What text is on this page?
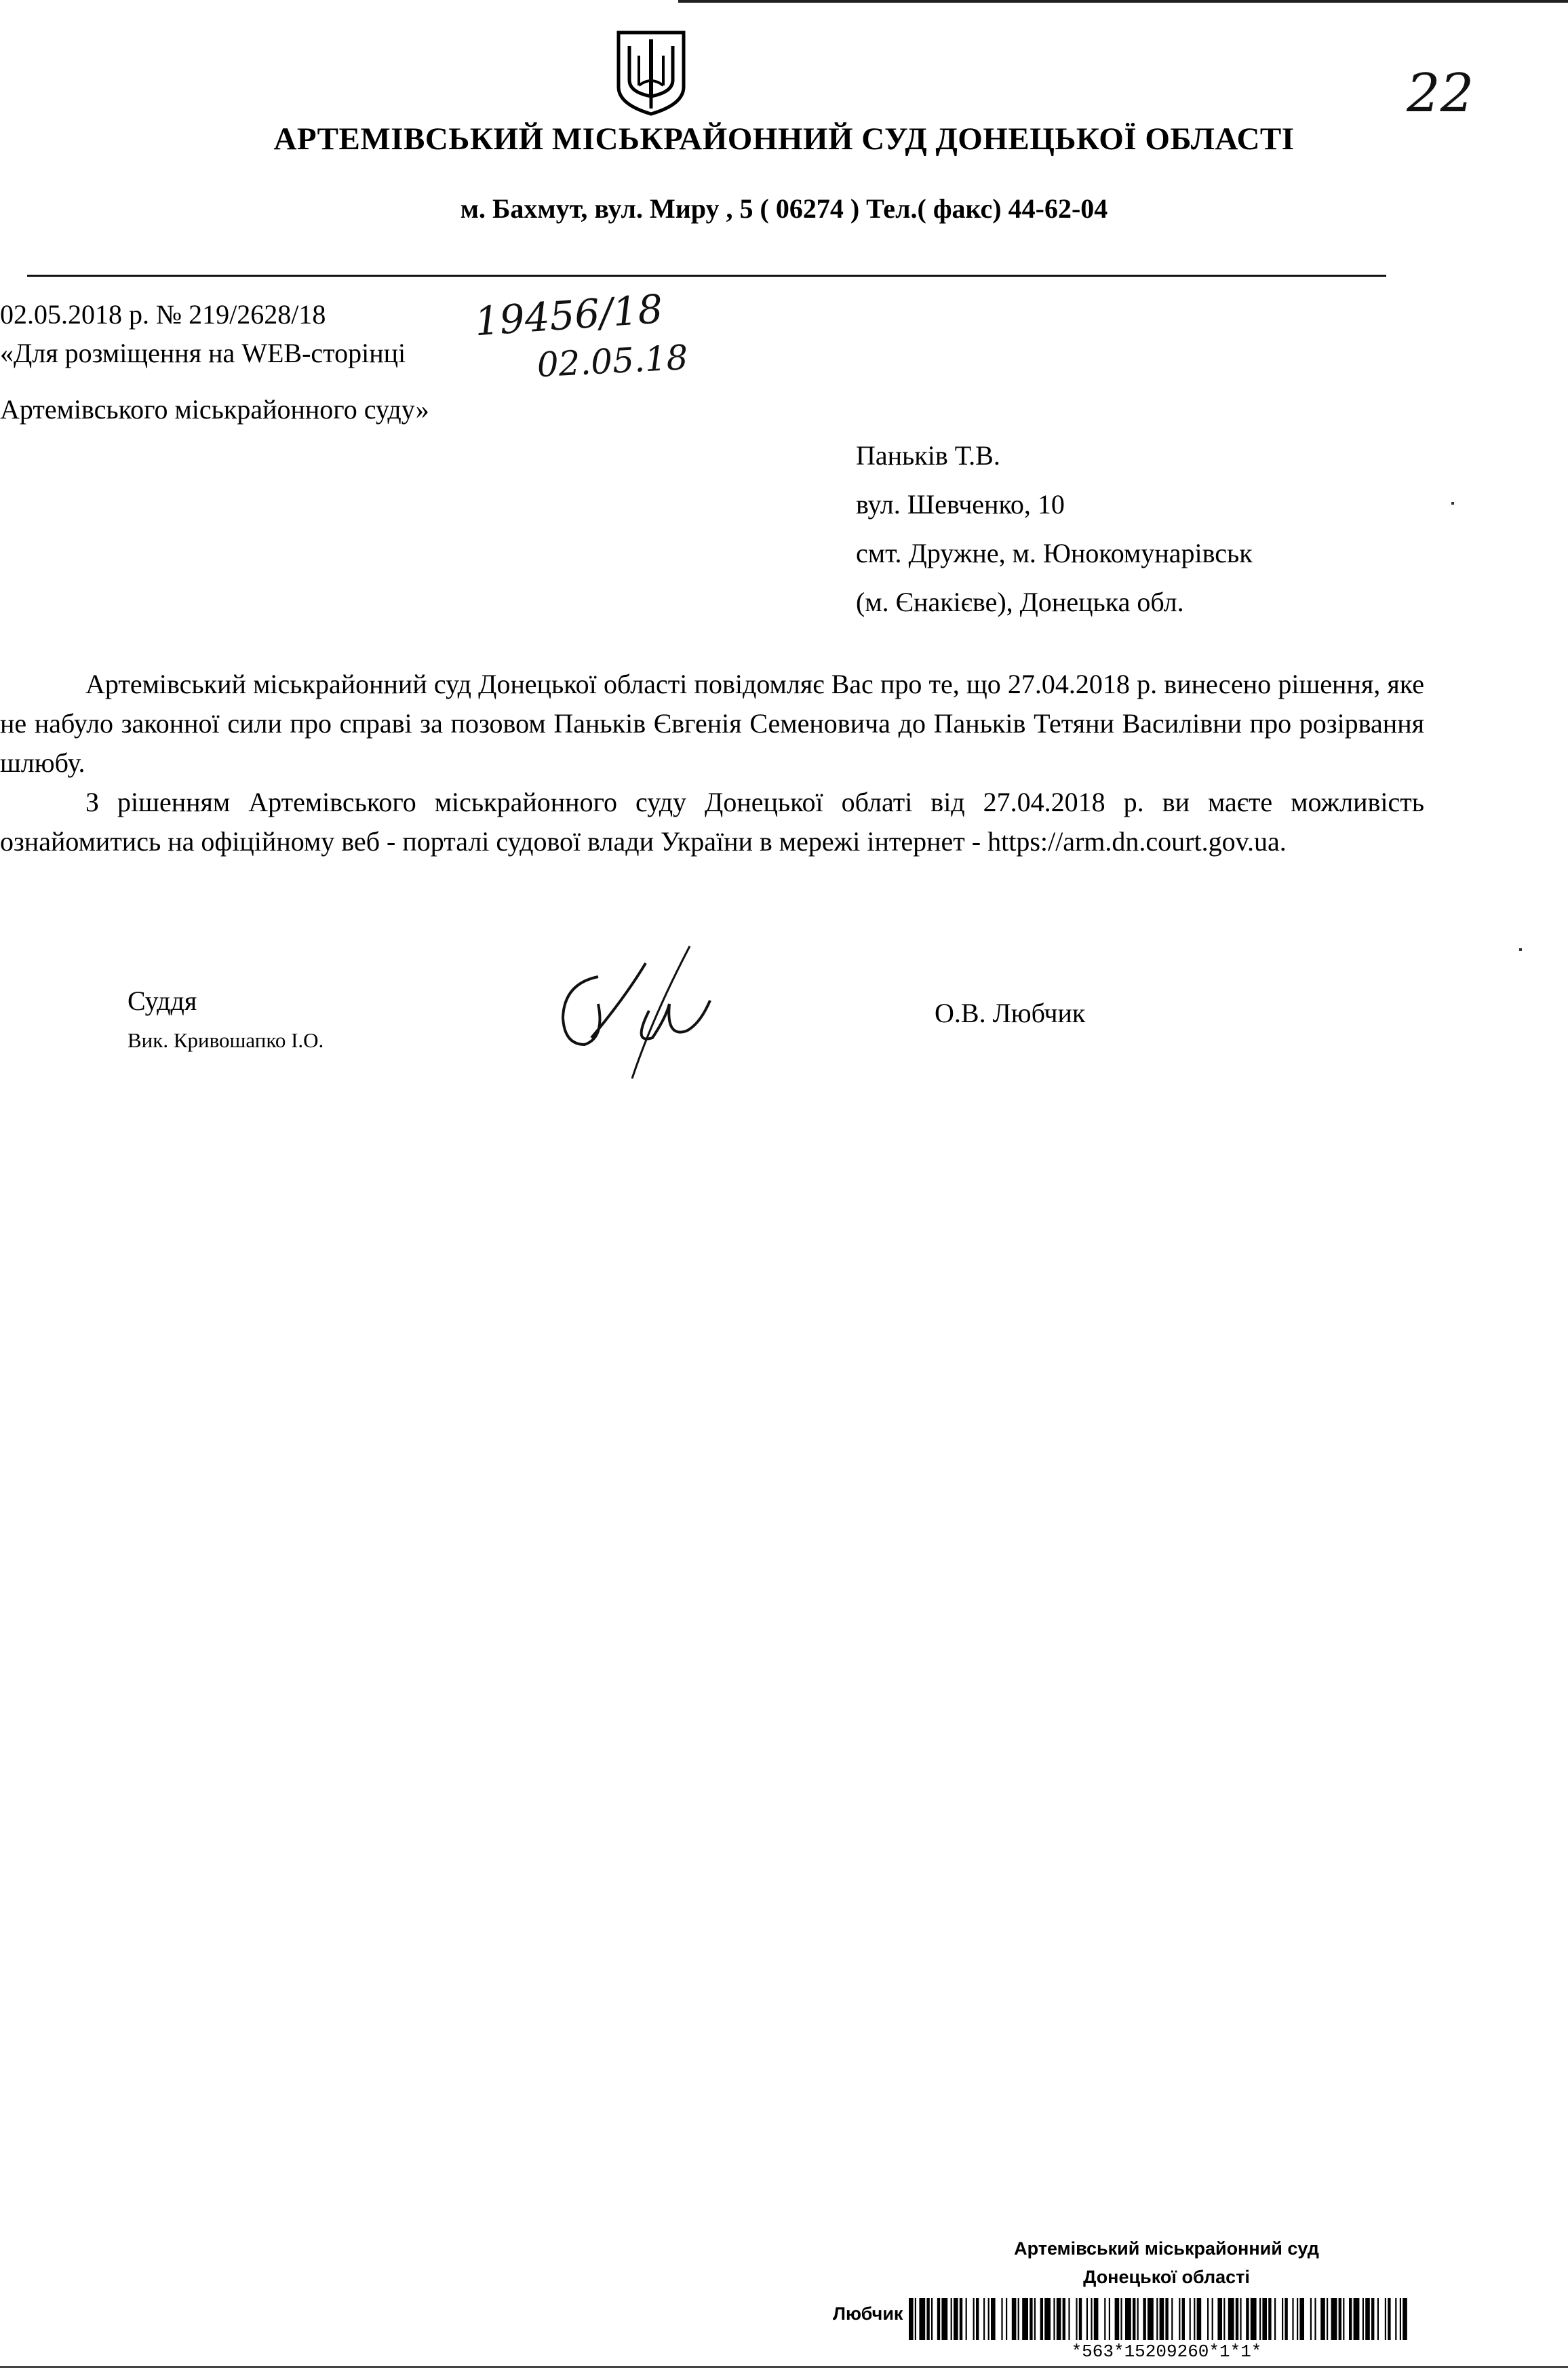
АРТЕМІВСЬКИЙ МІСЬКРАЙОННИЙ СУД ДОНЕЦЬКОЇ ОБЛАСТІ
м. Бахмут, вул. Миру , 5 ( 06274 ) Тел.( факс) 44-62-04
02.05.2018 р. № 219/2628/18
«Для розміщення на WEB-сторінці
Артемівського міськрайонного суду»
19456/18
02.05.18
22
Паньків Т.В.
вул. Шевченко, 10
смт. Дружне, м. Юнокомунарівськ
(м. Єнакієве), Донецька обл.

Артемівський міськрайонний суд Донецької області повідомляє Вас про те, що 27.04.2018 р. винесено рішення, яке не набуло законної сили про справі за позовом Паньків Євгенія Семеновича до Паньків Тетяни Василівни про розірвання шлюбу.

З рішенням Артемівського міськрайонного суду Донецької облаті від 27.04.2018 р. ви маєте можливість ознайомитись на офіційному веб - порталі судової влади України в мережі інтернет - https://arm.dn.court.gov.ua.

Суддя
Вик. Кривошапко І.О.
О.В. Любчик
Артемівський міськрайонний суд
Донецької області
Любчик
*563*15209260*1*1*
